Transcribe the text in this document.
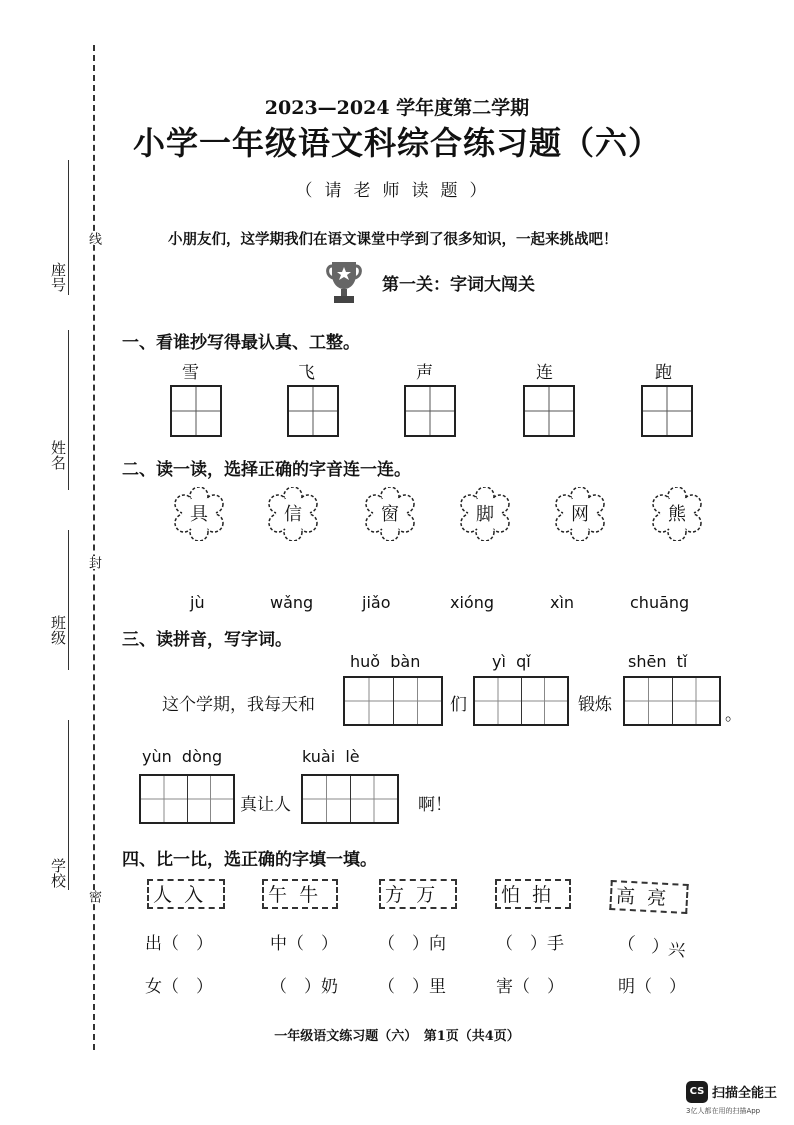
座号
姓名
班级
学校
线
封
密
2023—2024 学年度第二学期
小学一年级语文科综合练习题（六）
（请老师读题）
小朋友们，这学期我们在语文课堂中学到了很多知识，一起来挑战吧！
第一关：字词大闯关
一、看谁抄写得最认真、工整。
雪	飞	声	连	跑
二、读一读，选择正确的字音连一连。
具	信	窗	脚	网	熊
jù	wǎng	jiǎo	xióng	xìn	chuāng
三、读拼音，写字词。
huǒ  bàn	yì  qǐ	shēn  tǐ
这个学期，我每天和	们	锻炼	。
yùn  dòng	kuài  lè
真让人	啊！
四、比一比，选正确的字填一填。
人  入	午  牛	方  万	怕  拍	高  亮
出（　）	中（　） （　）向	（　）手	（　）兴
女（　）	（　）奶 （　）里	害（　）	明（　）
一年级语文练习题（六）　第1页（共4页）
CS 扫描全能王
3亿人都在用的扫描App
